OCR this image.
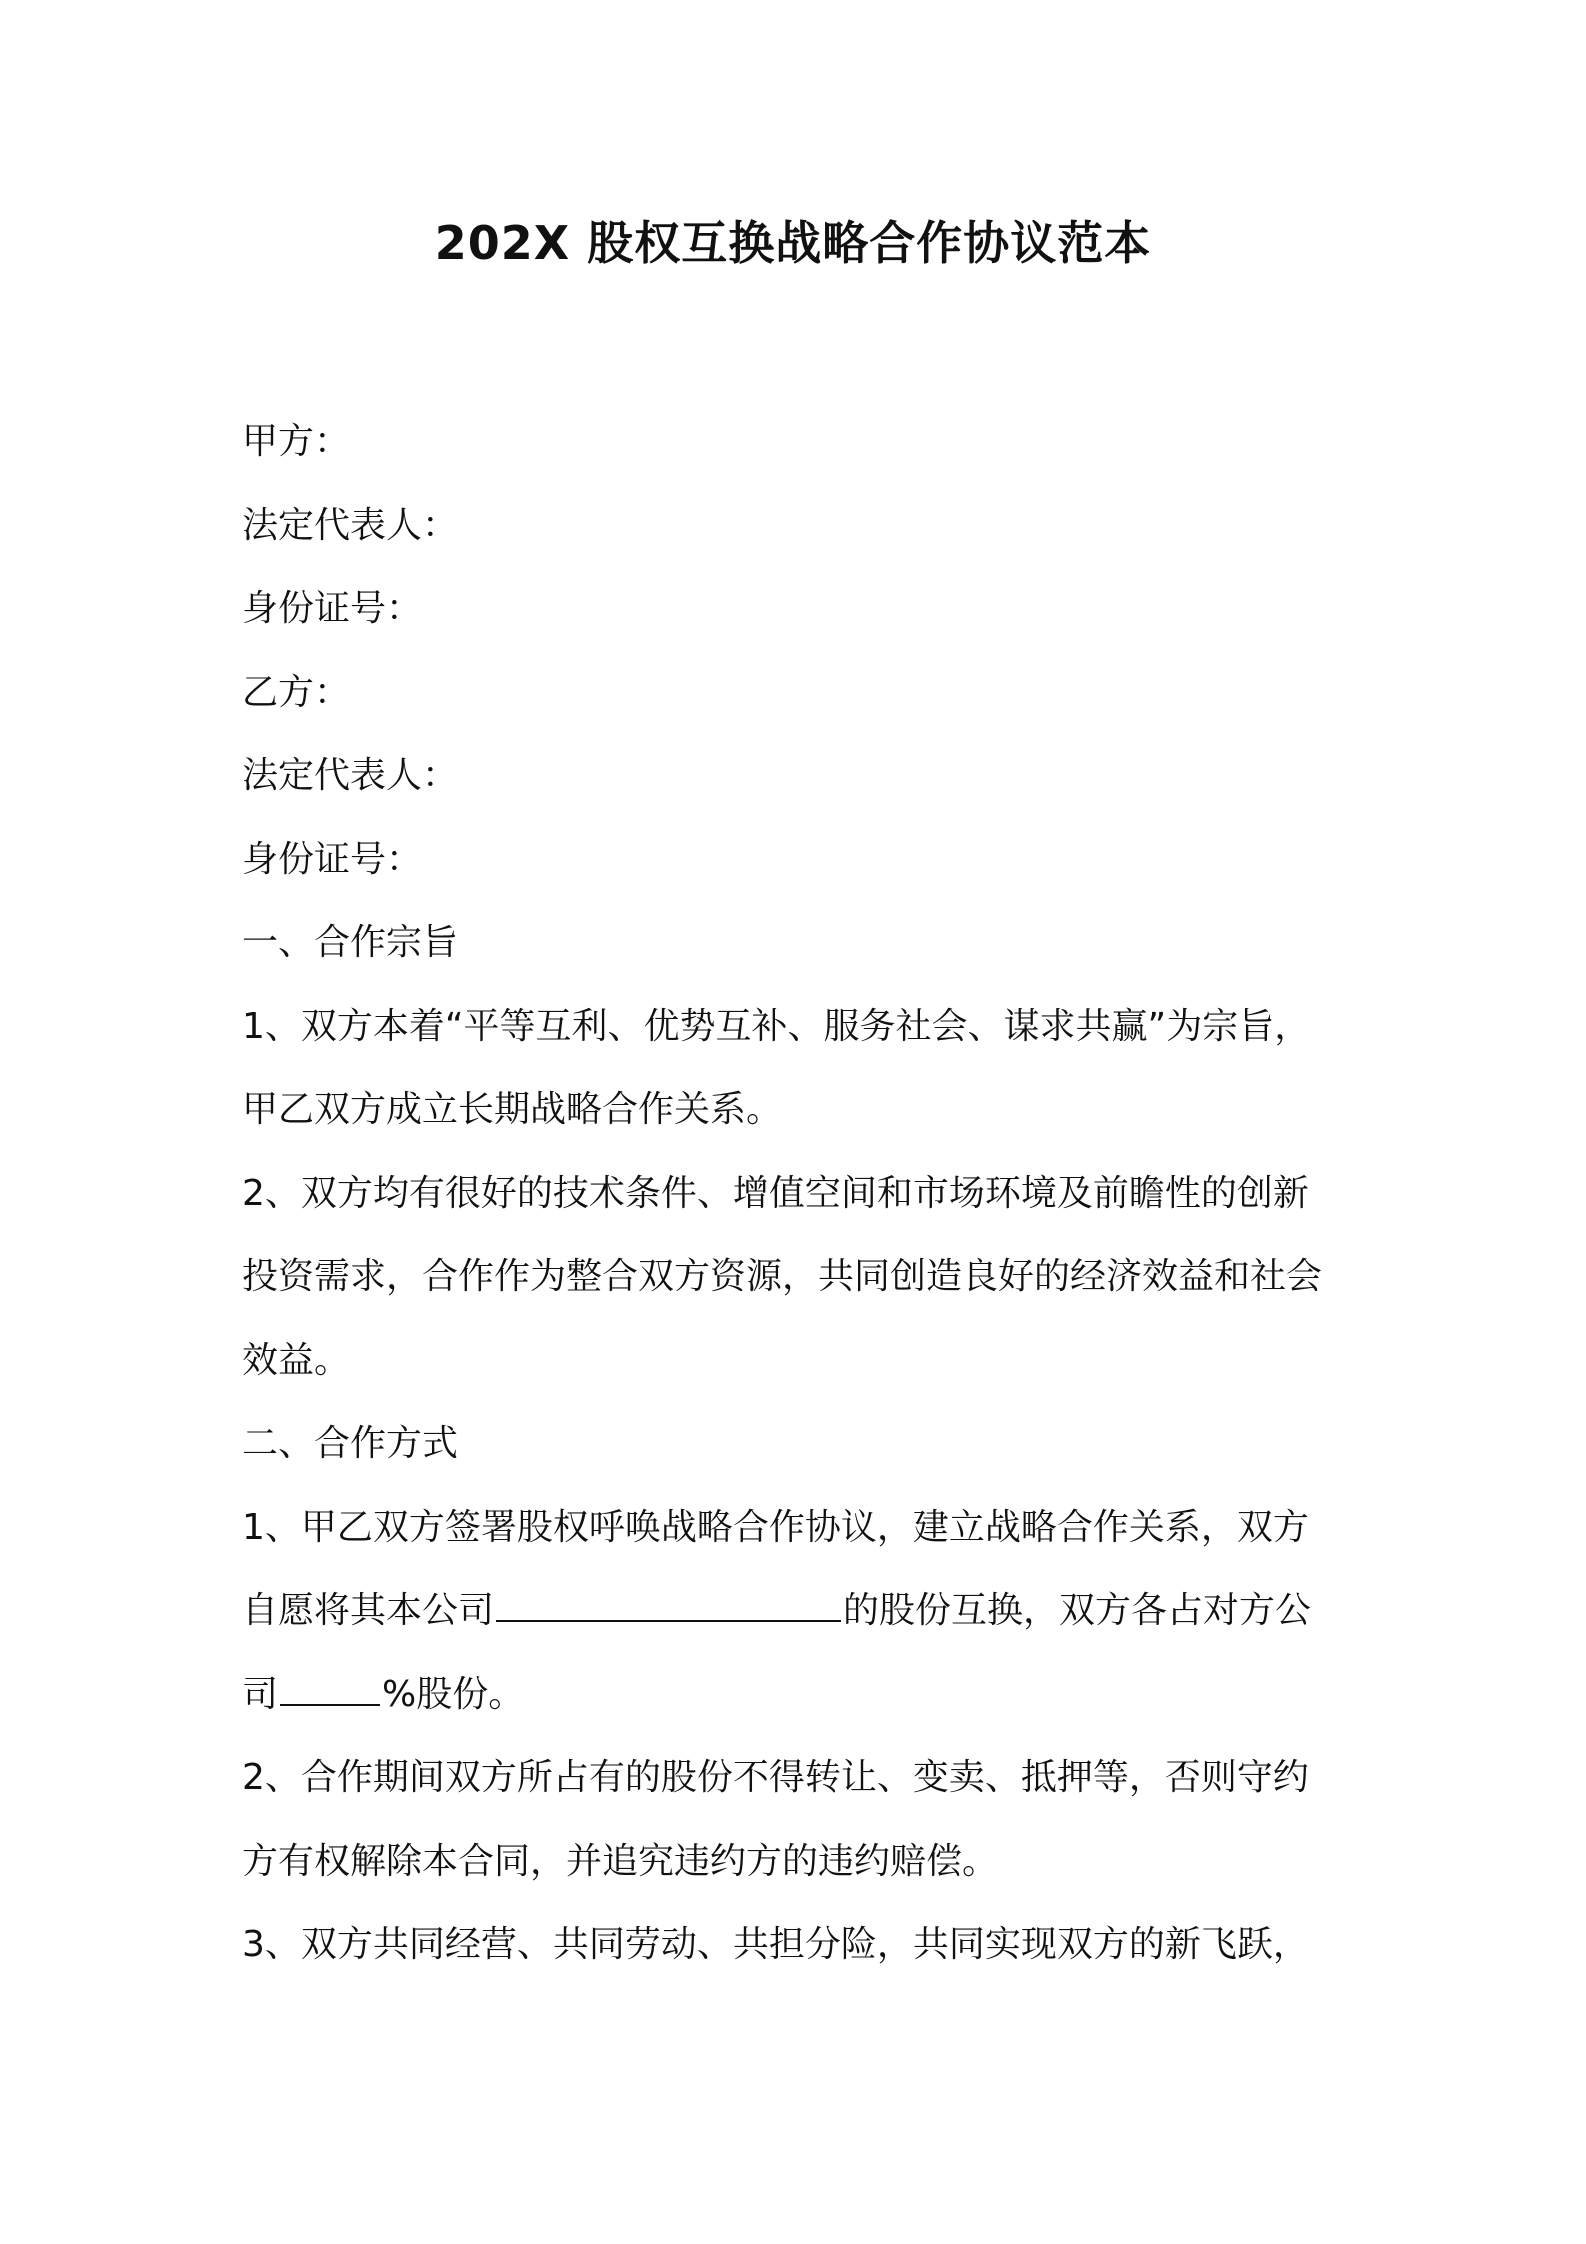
202X 股权互换战略合作协议范本
甲方：
法定代表人：
身份证号：
乙方：
法定代表人：
身份证号：
一、合作宗旨
1、双方本着“平等互利、优势互补、服务社会、谋求共赢”为宗旨，
甲乙双方成立长期战略合作关系。
2、双方均有很好的技术条件、增值空间和市场环境及前瞻性的创新
投资需求，合作作为整合双方资源，共同创造良好的经济效益和社会
效益。
二、合作方式
1、甲乙双方签署股权呼唤战略合作协议，建立战略合作关系，双方
自愿将其本公司	的股份互换，双方各占对方公
司	%股份。
2、合作期间双方所占有的股份不得转让、变卖、抵押等，否则守约
方有权解除本合同，并追究违约方的违约赔偿。
3、双方共同经营、共同劳动、共担分险，共同实现双方的新飞跃，
